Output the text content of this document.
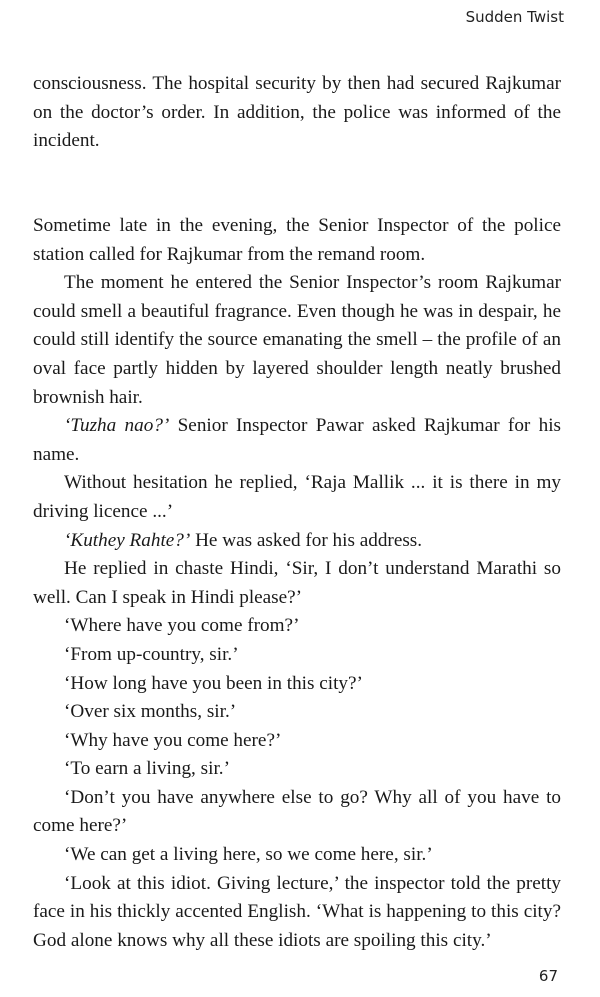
Sudden Twist

consciousness. The hospital security by then had secured Rajkumar on the doctor’s order. In addition, the police was informed of the incident.

Sometime late in the evening, the Senior Inspector of the police station called for Rajkumar from the remand room.

The moment he entered the Senior Inspector’s room Rajkumar could smell a beautiful fragrance. Even though he was in despair, he could still identify the source emanating the smell – the profile of an oval face partly hidden by layered shoulder length neatly brushed brownish hair.

‘Tuzha nao?’ Senior Inspector Pawar asked Rajkumar for his name.

Without hesitation he replied, ‘Raja Mallik ... it is there in my driving licence ...’

‘Kuthey Rahte?’ He was asked for his address.

He replied in chaste Hindi, ‘Sir, I don’t understand Marathi so well. Can I speak in Hindi please?’

‘Where have you come from?’

‘From up-country, sir.’

‘How long have you been in this city?’

‘Over six months, sir.’

‘Why have you come here?’

‘To earn a living, sir.’

‘Don’t you have anywhere else to go? Why all of you have to come here?’

‘We can get a living here, so we come here, sir.’

‘Look at this idiot. Giving lecture,’ the inspector told the pretty face in his thickly accented English. ‘What is happening to this city? God alone knows why all these idiots are spoiling this city.’

67
